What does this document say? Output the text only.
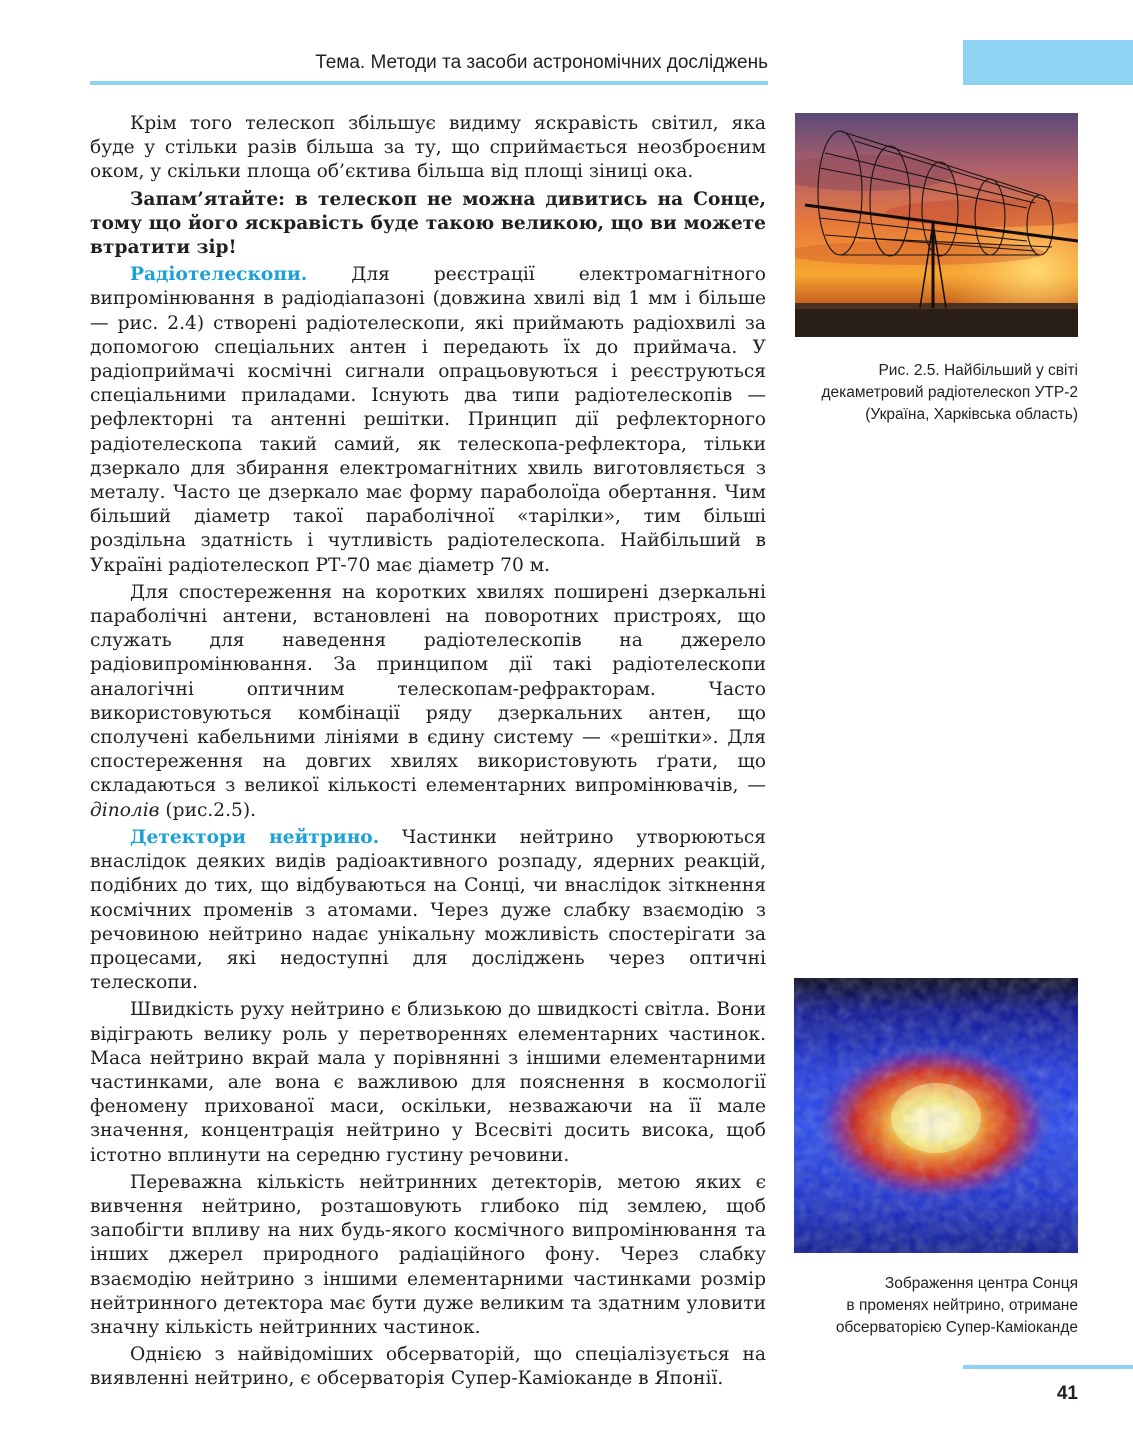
Тема. Методи та засоби астрономічних досліджень

Крім того телескоп збільшує видиму яскравість світил, яка буде у стільки разів більша за ту, що сприймається неозброєним оком, у скільки площа об’єктива більша від площі зіниці ока.

Запам’ятайте: в телескоп не можна дивитись на Сонце, тому що його яскравість буде такою великою, що ви можете втратити зір!

Радіотелескопи. Для реєстрації електромагнітного випромінювання в радіодіапазоні (довжина хвилі від 1 мм і більше — рис. 2.4) створені радіотелескопи, які приймають радіохвилі за допомогою спеціальних антен і передають їх до приймача. У радіоприймачі космічні сигнали опрацьовуються і реєструються спеціальними приладами. Існують два типи радіотелескопів — рефлекторні та антенні решітки. Принцип дії рефлекторного радіотелескопа такий самий, як телескопа-рефлектора, тільки дзеркало для збирання електромагнітних хвиль виготовляється з металу. Часто це дзеркало має форму параболоїда обертання. Чим більший діаметр такої параболічної «тарілки», тим більші роздільна здатність і чутливість радіотелескопа. Найбільший в Україні радіотелескоп РТ-70 має діаметр 70 м.

Для спостереження на коротких хвилях поширені дзеркальні параболічні антени, встановлені на поворотних пристроях, що служать для наведення радіотелескопів на джерело радіовипромінювання. За принципом дії такі радіотелескопи аналогічні оптичним телескопам-рефракторам. Часто використовуються комбінації ряду дзеркальних антен, що сполучені кабельними лініями в єдину систему — «решітки». Для спостереження на довгих хвилях використовують ґрати, що складаються з великої кількості елементарних випромінювачів, — діполів (рис.2.5).

Детектори нейтрино. Частинки нейтрино утворюються внаслідок деяких видів радіоактивного розпаду, ядерних реакцій, подібних до тих, що відбуваються на Сонці, чи внаслідок зіткнення космічних променів з атомами. Через дуже слабку взаємодію з речовиною нейтрино надає унікальну можливість спостерігати за процесами, які недоступні для досліджень через оптичні телескопи.

Швидкість руху нейтрино є близькою до швидкості світла. Вони відіграють велику роль у перетвореннях елементарних частинок. Маса нейтрино вкрай мала у порівнянні з іншими елементарними частинками, але вона є важливою для пояснення в космології феномену прихованої маси, оскільки, незважаючи на її мале значення, концентрація нейтрино у Всесвіті досить висока, щоб істотно вплинути на середню густину речовини.

Переважна кількість нейтринних детекторів, метою яких є вивчення нейтрино, розташовують глибоко під землею, щоб запобігти впливу на них будь-якого космічного випромінювання та інших джерел природного радіаційного фону. Через слабку взаємодію нейтрино з іншими елементарними частинками розмір нейтринного детектора має бути дуже великим та здатним уловити значну кількість нейтринних частинок.

Однією з найвідоміших обсерваторій, що спеціалізується на виявленні нейтрино, є обсерваторія Супер-Каміоканде в Японії.

Рис. 2.5. Найбільший у світі
декаметровий радіотелескоп УТР-2
(Україна, Харківська область)
Зображення центра Сонця
в променях нейтрино, отримане
обсерваторією Супер-Каміоканде
41
